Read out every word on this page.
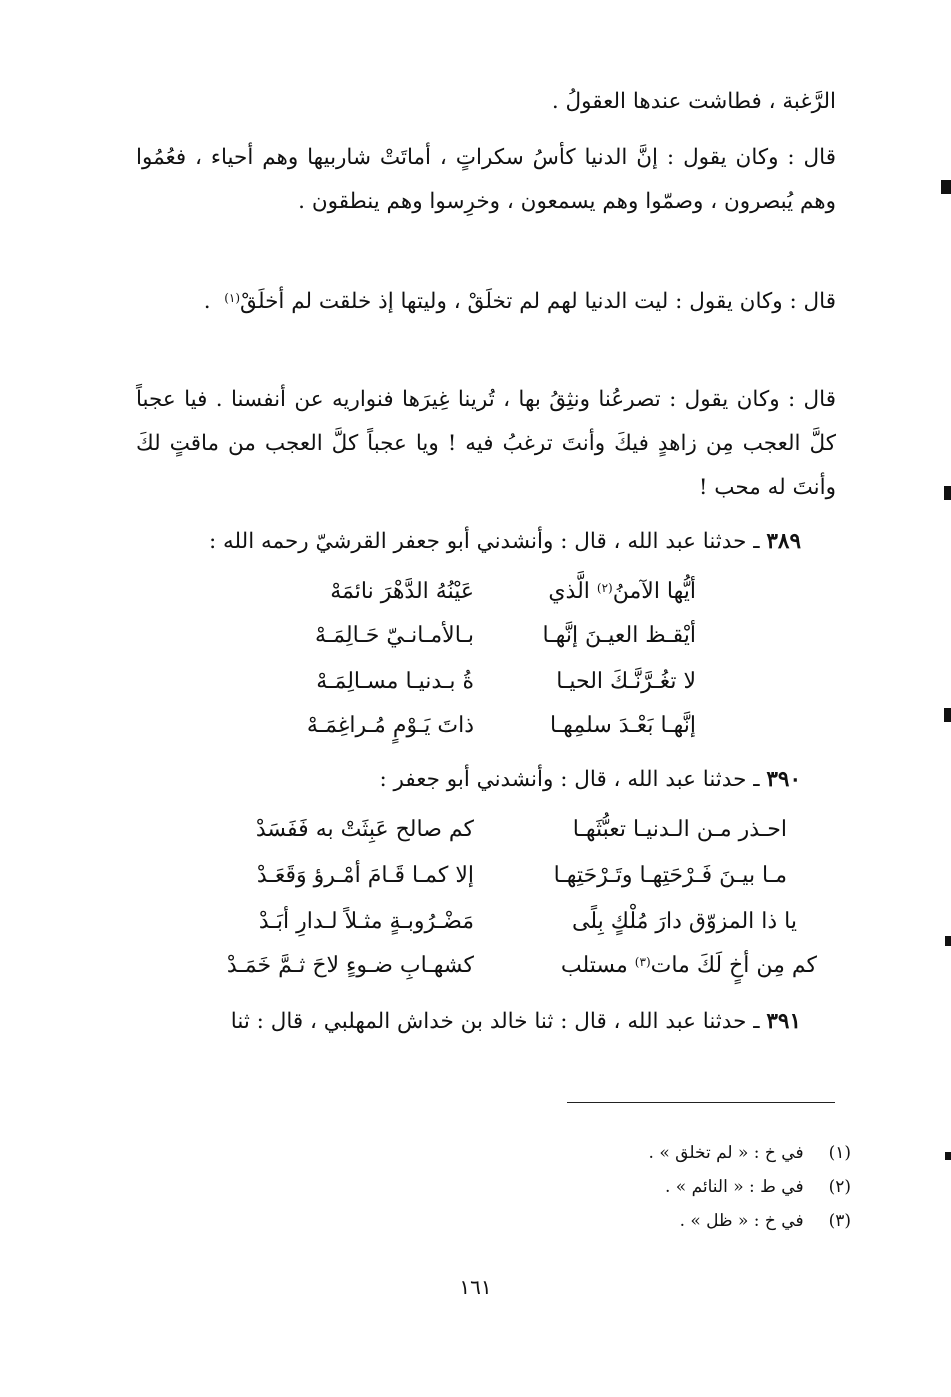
الرَّغبة ، فطاشت عندها العقولُ .
قال : وكان يقول : إنَّ الدنيا كأسُ سكراتٍ ، أماتَتْ شاربيها وهم أحياء ، فعُمُوا وهم يُبصرون ، وصمّوا وهم يسمعون ، وخرِسوا وهم ينطقون .
قال : وكان يقول : ليت الدنيا لهم لم تخلَقْ ، وليتها إذ خلقت لم أخلَقْ$^{(١)}$  .
قال : وكان يقول : تصرعُنا ونثِقُ بها ، تُرينا غِيرَها فنواريه عن أنفسنا . فيا عجباً كلَّ العجب مِن زاهدٍ فيكَ وأنتَ ترغبُ فيه ! ويا عجباً كلَّ العجب من ماقتٍ لكَ وأنتَ له محب !
٣٨٩ ـ حدثنا عبد الله ، قال : وأنشدني أبو جعفر القرشيّ رحمه الله :
أيُّها الآمنُ$^{(٢)}$ الَّذي
عَيْنُهُ الدَّهْرَ نائمَهْ
أيْقـظ العيـنَ إنَّهـا
بـالأمـانـيّ حَـالِمَـهْ
لا تغُـرَّنَّـكَ الحيـا
ةُ بـدنيـا مسـالِمَـهْ
إنَّهـا بَعْـدَ سلمِهـا
ذاتَ يَـوْمٍ مُـراغِمَـهْ
٣٩٠ ـ حدثنا عبد الله ، قال : وأنشدني أبو جعفر :
احـذر مـن الـدنيـا تعبُّثَهـا
كم صالح عَبِثَتْ به فَفَسَدْ
مـا بيـنَ فَـرْحَتِهـا وتَـرْحَتِهـا
إلا كمـا قَـامَ أمْـرؤ وَقَعَـدْ
يا ذا المزوّق دارَ مُلْكٍ بِلًى
مَضْـرُوبـةٍ مثـلاً لـدارِ أبَـدْ
كم مِن أخٍ لَكَ مات$^{(٣)}$ مستلب
كشهـابِ ضـوءٍ لاحَ ثـمَّ خَمَـدْ
٣٩١ ـ حدثنا عبد الله ، قال : ثنا خالد بن خداش المهلبي ، قال : ثنا
(١) في خ : « لم تخلق » .
(٢) في ط : « النائم » .
(٣) في خ : « ظل » .
١٦١
